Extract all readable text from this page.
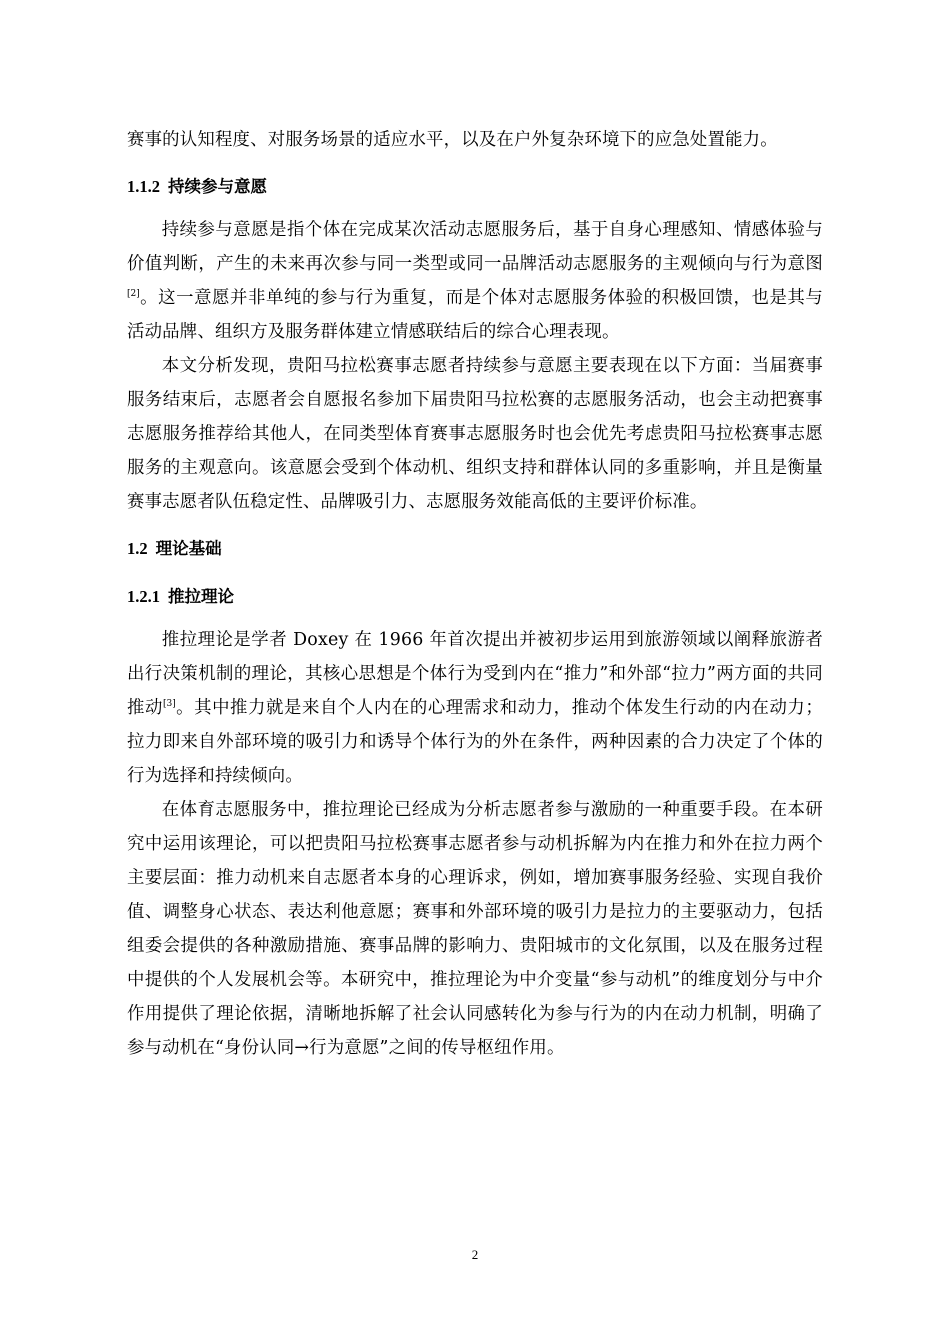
赛事的认知程度、对服务场景的适应水平，以及在户外复杂环境下的应急处置能力。

1.1.2 持续参与意愿

持续参与意愿是指个体在完成某次活动志愿服务后，基于自身心理感知、情感体验与价值判断，产生的未来再次参与同一类型或同一品牌活动志愿服务的主观倾向与行为意图[2]。这一意愿并非单纯的参与行为重复，而是个体对志愿服务体验的积极回馈，也是其与活动品牌、组织方及服务群体建立情感联结后的综合心理表现。

本文分析发现，贵阳马拉松赛事志愿者持续参与意愿主要表现在以下方面：当届赛事服务结束后，志愿者会自愿报名参加下届贵阳马拉松赛的志愿服务活动，也会主动把赛事志愿服务推荐给其他人，在同类型体育赛事志愿服务时也会优先考虑贵阳马拉松赛事志愿服务的主观意向。该意愿会受到个体动机、组织支持和群体认同的多重影响，并且是衡量赛事志愿者队伍稳定性、品牌吸引力、志愿服务效能高低的主要评价标准。

1.2 理论基础
1.2.1 推拉理论

推拉理论是学者 Doxey 在 1966 年首次提出并被初步运用到旅游领域以阐释旅游者出行决策机制的理论，其核心思想是个体行为受到内在“推力”和外部“拉力”两方面的共同推动[3]。其中推力就是来自个人内在的心理需求和动力，推动个体发生行动的内在动力；拉力即来自外部环境的吸引力和诱导个体行为的外在条件，两种因素的合力决定了个体的行为选择和持续倾向。

在体育志愿服务中，推拉理论已经成为分析志愿者参与激励的一种重要手段。在本研究中运用该理论，可以把贵阳马拉松赛事志愿者参与动机拆解为内在推力和外在拉力两个主要层面：推力动机来自志愿者本身的心理诉求，例如，增加赛事服务经验、实现自我价值、调整身心状态、表达利他意愿；赛事和外部环境的吸引力是拉力的主要驱动力，包括组委会提供的各种激励措施、赛事品牌的影响力、贵阳城市的文化氛围，以及在服务过程中提供的个人发展机会等。本研究中，推拉理论为中介变量“参与动机”的维度划分与中介作用提供了理论依据，清晰地拆解了社会认同感转化为参与行为的内在动力机制，明确了参与动机在“身份认同→行为意愿”之间的传导枢纽作用。

2
